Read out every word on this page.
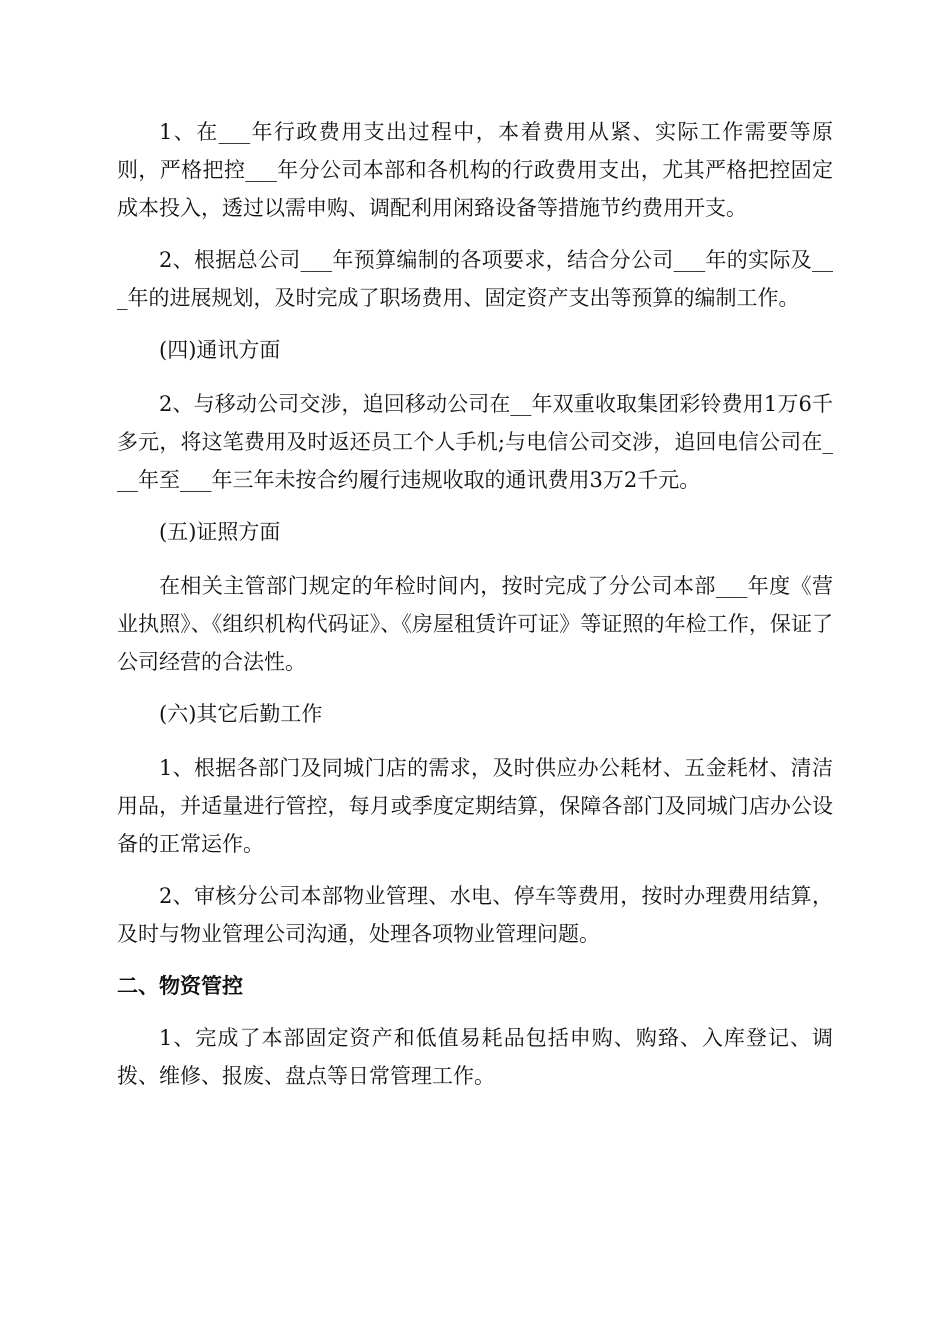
1、在___年行政费用支出过程中，本着费用从紧、实际工作需要等原则，严格把控___年分公司本部和各机构的行政费用支出，尤其严格把控固定成本投入，透过以需申购、调配利用闲臵设备等措施节约费用开支。

2、根据总公司___年预算编制的各项要求，结合分公司___年的实际及___年的进展规划，及时完成了职场费用、固定资产支出等预算的编制工作。

(四)通讯方面

2、与移动公司交涉，追回移动公司在__年双重收取集团彩铃费用1万6千多元，将这笔费用及时返还员工个人手机;与电信公司交涉，追回电信公司在___年至___年三年未按合约履行违规收取的通讯费用3万2千元。

(五)证照方面

在相关主管部门规定的年检时间内，按时完成了分公司本部___年度《营业执照》、《组织机构代码证》、《房屋租赁许可证》等证照的年检工作，保证了公司经营的合法性。

(六)其它后勤工作

1、根据各部门及同城门店的需求，及时供应办公耗材、五金耗材、清洁用品，并适量进行管控，每月或季度定期结算，保障各部门及同城门店办公设备的正常运作。

2、审核分公司本部物业管理、水电、停车等费用，按时办理费用结算，及时与物业管理公司沟通，处理各项物业管理问题。

二、物资管控

1、完成了本部固定资产和低值易耗品包括申购、购臵、入库登记、调拨、维修、报废、盘点等日常管理工作。
